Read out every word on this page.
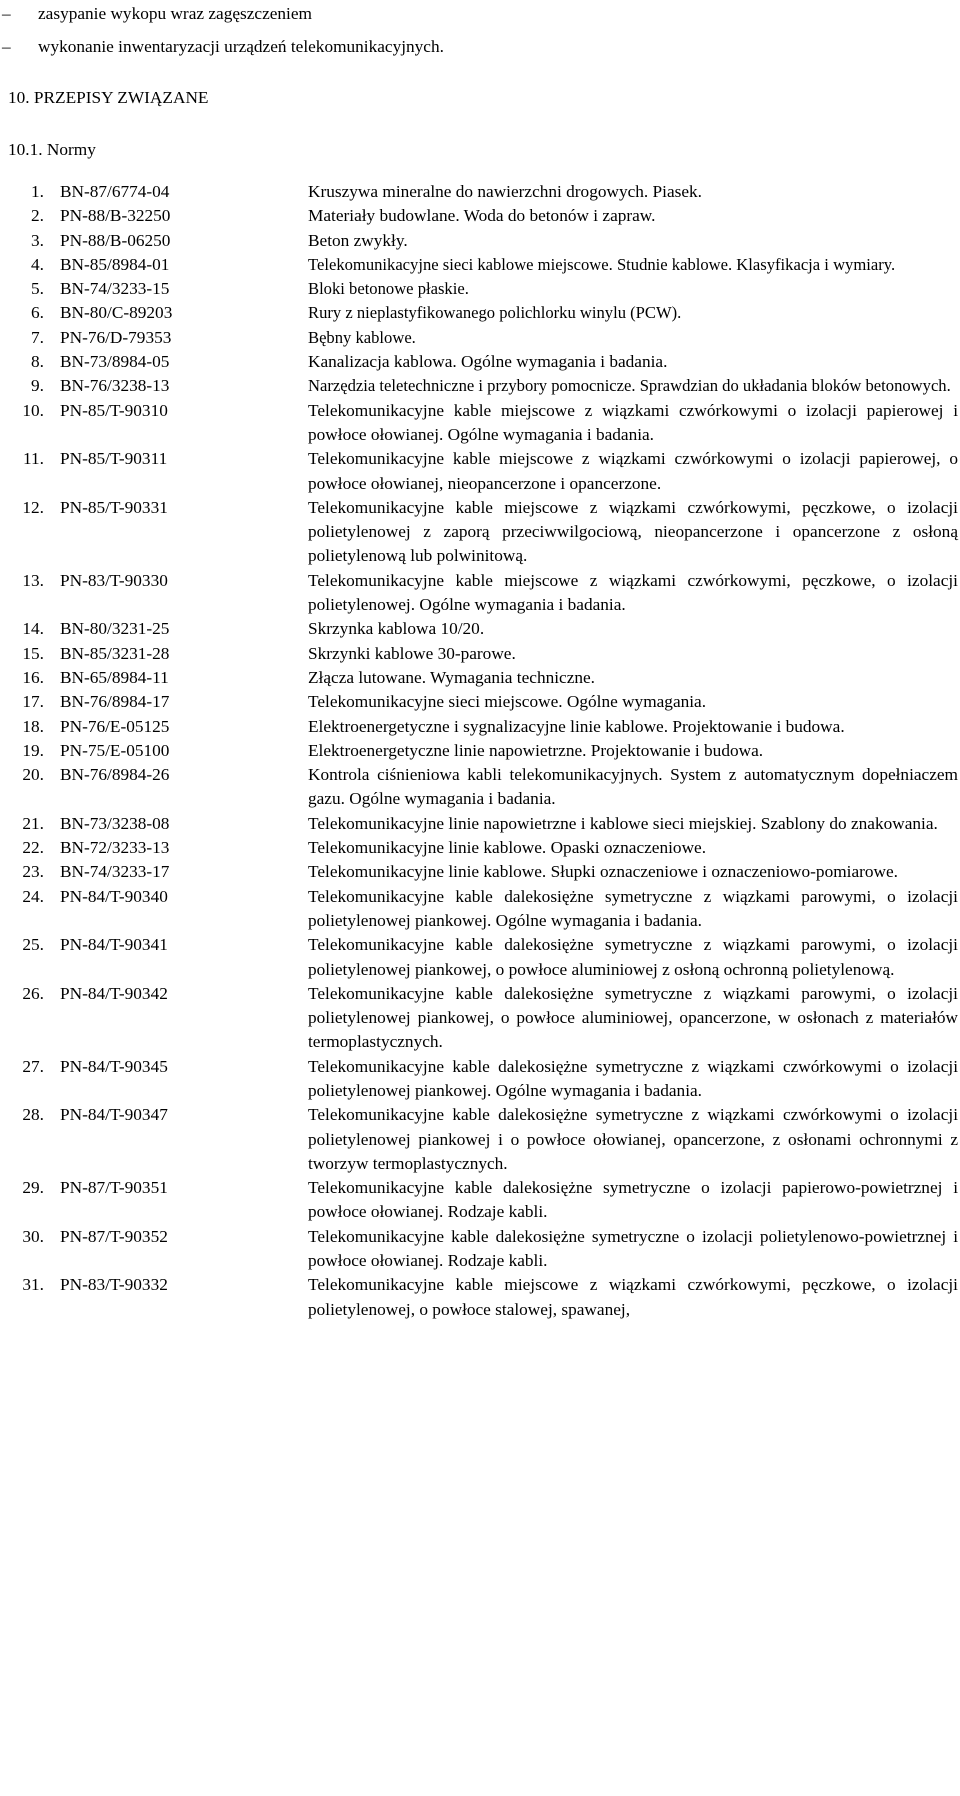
–	zasypanie wykopu wraz zagęszczeniem
–	wykonanie inwentaryzacji urządzeń telekomunikacyjnych.
10. PRZEPISY ZWIĄZANE
10.1. Normy
1. BN-87/6774-04	Kruszywa mineralne do nawierzchni drogowych. Piasek.
2. PN-88/B-32250	Materiały budowlane. Woda do betonów i zapraw.
3. PN-88/B-06250	Beton zwykły.
4. BN-85/8984-01	Telekomunikacyjne sieci kablowe miejscowe. Studnie kablowe. Klasyfikacja i wymiary.
5. BN-74/3233-15	Bloki betonowe płaskie.
6. BN-80/C-89203	Rury z nieplastyfikowanego polichlorku winylu (PCW).
7. PN-76/D-79353	Bębny kablowe.
8. BN-73/8984-05	Kanalizacja kablowa. Ogólne wymagania i badania.
9. BN-76/3238-13	Narzędzia teletechniczne i przybory pomocnicze. Sprawdzian do układania bloków betonowych.
10. PN-85/T-90310	Telekomunikacyjne kable miejscowe z wiązkami czwórkowymi o izolacji papierowej i powłoce ołowianej. Ogólne wymagania i badania.
11. PN-85/T-90311	Telekomunikacyjne kable miejscowe z wiązkami czwórkowymi o izolacji papierowej, o powłoce ołowianej, nieopancerzone i opancerzone.
12. PN-85/T-90331	Telekomunikacyjne kable miejscowe z wiązkami czwórkowymi, pęczkowe, o izolacji polietylenowej z zaporą przeciwwilgociową, nieopancerzone i opancerzone z osłoną polietylenową lub polwinitową.
13. PN-83/T-90330	Telekomunikacyjne kable miejscowe z wiązkami czwórkowymi, pęczkowe, o izolacji polietylenowej. Ogólne wymagania i badania.
14. BN-80/3231-25	Skrzynka kablowa 10/20.
15. BN-85/3231-28	Skrzynki kablowe 30-parowe.
16. BN-65/8984-11	Złącza lutowane. Wymagania techniczne.
17. BN-76/8984-17	Telekomunikacyjne sieci miejscowe. Ogólne wymagania.
18. PN-76/E-05125	Elektroenergetyczne i sygnalizacyjne linie kablowe. Projektowanie i budowa.
19. PN-75/E-05100	Elektroenergetyczne linie napowietrzne. Projektowanie i budowa.
20. BN-76/8984-26	Kontrola ciśnieniowa kabli telekomunikacyjnych. System z automatycznym dopełniaczem gazu. Ogólne wymagania i badania.
21. BN-73/3238-08	Telekomunikacyjne linie napowietrzne i kablowe sieci miejskiej. Szablony do znakowania.
22. BN-72/3233-13	Telekomunikacyjne linie kablowe. Opaski oznaczeniowe.
23. BN-74/3233-17	Telekomunikacyjne linie kablowe. Słupki oznaczeniowe i oznaczeniowo-pomiarowe.
24. PN-84/T-90340	Telekomunikacyjne kable dalekosiężne symetryczne z wiązkami parowymi, o izolacji polietylenowej piankowej. Ogólne wymagania i badania.
25. PN-84/T-90341	Telekomunikacyjne kable dalekosiężne symetryczne z wiązkami parowymi, o izolacji polietylenowej piankowej, o powłoce aluminiowej z osłoną ochronną polietylenową.
26. PN-84/T-90342	Telekomunikacyjne kable dalekosiężne symetryczne z wiązkami parowymi, o izolacji polietylenowej piankowej, o powłoce aluminiowej, opancerzone, w osłonach z materiałów termoplastycznych.
27. PN-84/T-90345	Telekomunikacyjne kable dalekosiężne symetryczne z wiązkami czwórkowymi o izolacji polietylenowej piankowej. Ogólne wymagania i badania.
28. PN-84/T-90347	Telekomunikacyjne kable dalekosiężne symetryczne z wiązkami czwórkowymi o izolacji polietylenowej piankowej i o powłoce ołowianej, opancerzone, z osłonami ochronnymi z tworzyw termoplastycznych.
29. PN-87/T-90351	Telekomunikacyjne kable dalekosiężne symetryczne o izolacji papierowo-powietrznej i powłoce ołowianej. Rodzaje kabli.
30. PN-87/T-90352	Telekomunikacyjne kable dalekosiężne symetryczne o izolacji polietylenowo-powietrznej i powłoce ołowianej. Rodzaje kabli.
31. PN-83/T-90332	Telekomunikacyjne kable miejscowe z wiązkami czwórkowymi, pęczkowe, o izolacji polietylenowej, o powłoce stalowej, spawanej,
